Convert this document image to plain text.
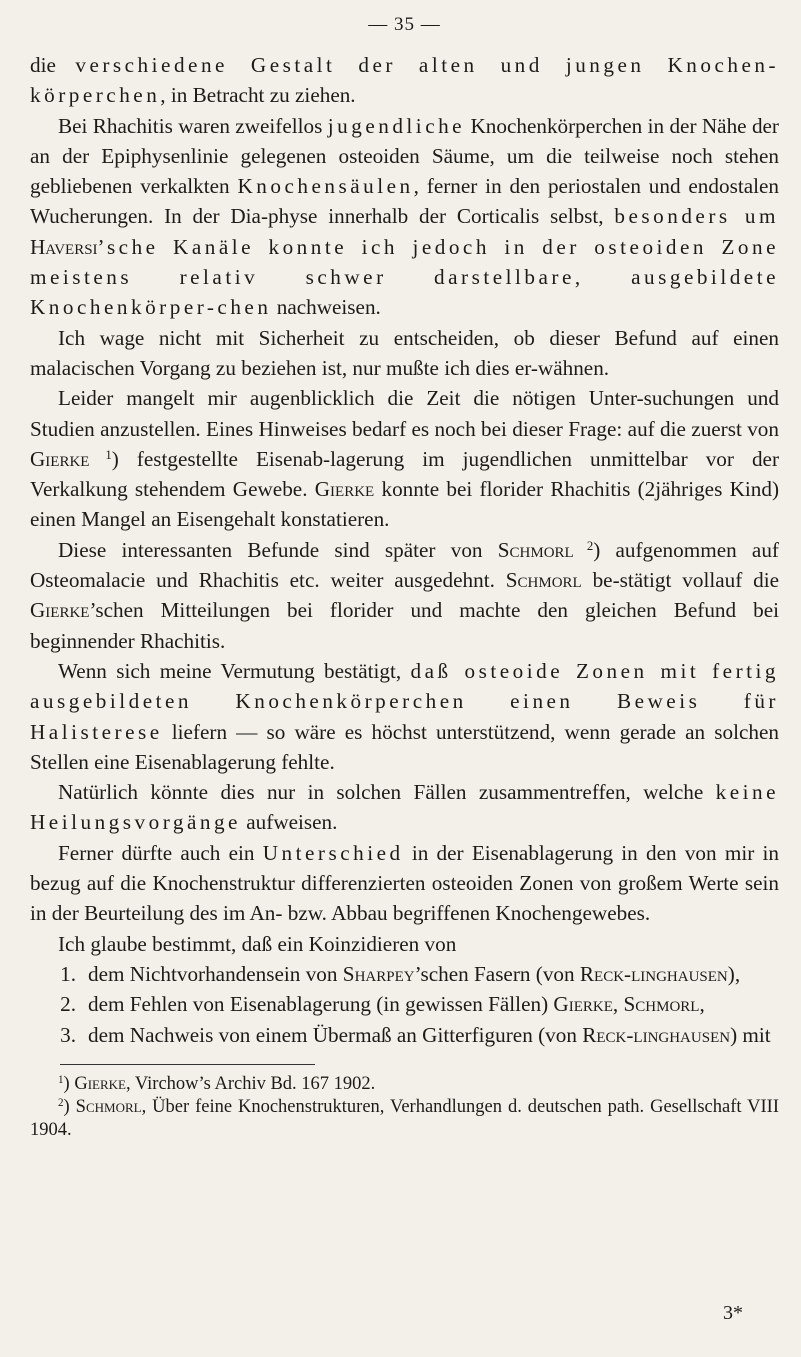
— 35 —

die verschiedene Gestalt der alten und jungen Knochen-körperchen, in Betracht zu ziehen.

Bei Rhachitis waren zweifellos jugendliche Knochenkörperchen in der Nähe der an der Epiphysenlinie gelegenen osteoiden Säume, um die teilweise noch stehen gebliebenen verkalkten Knochensäulen, ferner in den periostalen und endostalen Wucherungen. In der Dia-physe innerhalb der Corticalis selbst, besonders um Haversi’sche Kanäle konnte ich jedoch in der osteoiden Zone meistens relativ schwer darstellbare, ausgebildete Knochenkörper-chen nachweisen.

Ich wage nicht mit Sicherheit zu entscheiden, ob dieser Befund auf einen malacischen Vorgang zu beziehen ist, nur mußte ich dies er-wähnen.

Leider mangelt mir augenblicklich die Zeit die nötigen Unter-suchungen und Studien anzustellen. Eines Hinweises bedarf es noch bei dieser Frage: auf die zuerst von Gierke $^1$) festgestellte Eisenab-lagerung im jugendlichen unmittelbar vor der Verkalkung stehendem Gewebe. Gierke konnte bei florider Rhachitis (2jähriges Kind) einen Mangel an Eisengehalt konstatieren.

Diese interessanten Befunde sind später von Schmorl $^2$) aufgenommen auf Osteomalacie und Rhachitis etc. weiter ausgedehnt. Schmorl be-stätigt vollauf die Gierke’schen Mitteilungen bei florider und machte den gleichen Befund bei beginnender Rhachitis.

Wenn sich meine Vermutung bestätigt, daß osteoide Zonen mit fertig ausgebildeten Knochenkörperchen einen Beweis für Halisterese liefern — so wäre es höchst unterstützend, wenn gerade an solchen Stellen eine Eisenablagerung fehlte.

Natürlich könnte dies nur in solchen Fällen zusammentreffen, welche keine Heilungsvorgänge aufweisen.

Ferner dürfte auch ein Unterschied in der Eisenablagerung in den von mir in bezug auf die Knochenstruktur differenzierten osteoiden Zonen von großem Werte sein in der Beurteilung des im An- bzw. Abbau begriffenen Knochengewebes.

Ich glaube bestimmt, daß ein Koinzidieren von

1. dem Nichtvorhandensein von Sharpey’schen Fasern (von Reck-linghausen),
2. dem Fehlen von Eisenablagerung (in gewissen Fällen) Gierke, Schmorl,
3. dem Nachweis von einem Übermaß an Gitterfiguren (von Reck-linghausen) mit

$^1$) Gierke, Virchow’s Archiv Bd. 167 1902.

$^2$) Schmorl, Über feine Knochenstrukturen, Verhandlungen d. deutschen path. Gesellschaft VIII 1904.

3*
